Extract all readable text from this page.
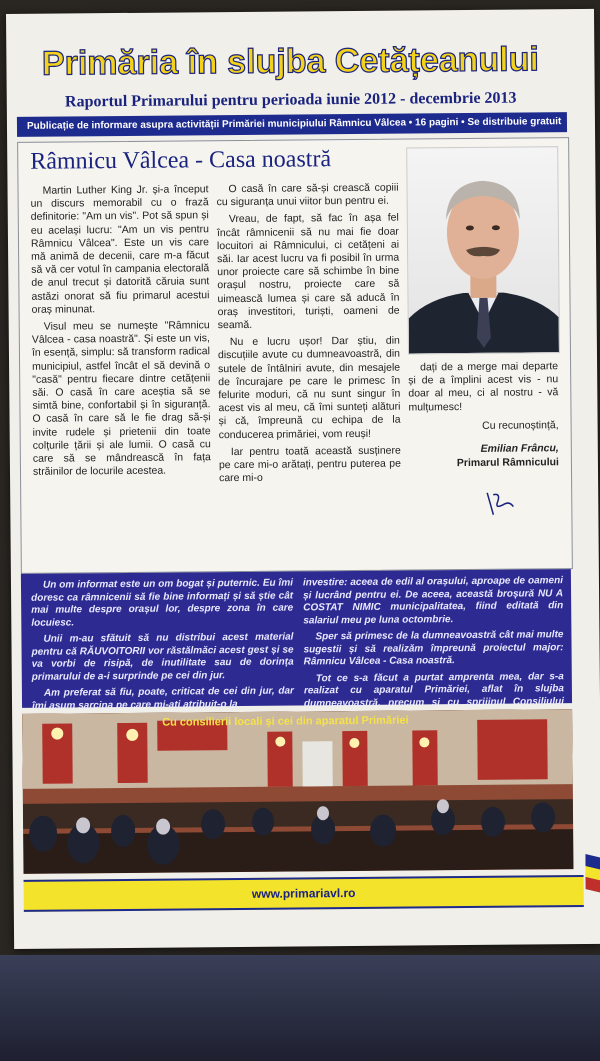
Primăria în slujba Cetățeanului
Raportul Primarului pentru perioada iunie 2012 - decembrie 2013
Publicație de informare asupra activității Primăriei municipiului Râmnicu Vâlcea • 16 pagini • Se distribuie gratuit
Râmnicu Vâlcea - Casa noastră

Martin Luther King Jr. și-a început un discurs memorabil cu o frază definitorie: "Am un vis". Pot să spun și eu același lucru: "Am un vis pentru Râmnicu Vâlcea". Este un vis care mă animă de decenii, care m-a făcut să vă cer votul în campania electorală de anul trecut și datorită căruia sunt astăzi onorat să fiu primarul acestui oraș minunat.

Visul meu se numește "Râmnicu Vâlcea - casa noastră". Și este un vis, în esență, simplu: să transform radical municipiul, astfel încât el să devină o "casă" pentru fiecare dintre cetățenii săi. O casă în care aceștia să se simtă bine, confortabil și în siguranță. O casă în care să le fie drag să-și invite rudele și prietenii din toate colțurile țării și ale lumii. O casă cu care să se mândrească în fața străinilor de locurile acestea.

O casă în care să-și crească copiii cu siguranța unui viitor bun pentru ei.

Vreau, de fapt, să fac în așa fel încât râmnicenii să nu mai fie doar locuitori ai Râmnicului, ci cetățeni ai săi. Iar acest lucru va fi posibil în urma unor proiecte care să schimbe în bine orașul nostru, proiecte care să uimească lumea și care să aducă în oraș investitori, turiști, oameni de seamă.

Nu e lucru ușor! Dar știu, din discuțiile avute cu dumneavoastră, din sutele de întâlniri avute, din mesajele de încurajare pe care le primesc în felurite moduri, că nu sunt singur în acest vis al meu, că îmi sunteți alături și că, împreună cu echipa de la conducerea primăriei, vom reuși!

Iar pentru toată această susținere pe care mi-o arătați, pentru puterea pe care mi-o

dați de a merge mai departe și de a împlini acest vis - nu doar al meu, ci al nostru - vă mulțumesc!

Cu recunoștință,

Emilian Frâncu,

Primarul Râmnicului

Un om informat este un om bogat și puternic. Eu îmi doresc ca râmnicenii să fie bine informați și să știe cât mai multe despre orașul lor, despre zona în care locuiesc.

Unii m-au sfătuit să nu distribui acest material pentru că RĂUVOITORII vor răstălmăci acest gest și se va vorbi de risipă, de inutilitate sau de dorința primarului de a-i surprinde pe cei din jur.

Am preferat să fiu, poate, criticat de cei din jur, dar îmi asum sarcina pe care mi-ați atribuit-o la

investire: aceea de edil al orașului, aproape de oameni și lucrând pentru ei. De aceea, această broșură NU A COSTAT NIMIC municipalitatea, fiind editată din salariul meu pe luna octombrie.

Sper să primesc de la dumneavoastră cât mai multe sugestii și să realizăm împreună proiectul major: Râmnicu Vâlcea - Casa noastră.

Tot ce s-a făcut a purtat amprenta mea, dar s-a realizat cu aparatul Primăriei, aflat în slujba dumneavoastră, precum și cu sprijinul Consiliului

Cu consilierii locali și cei din aparatul Primăriei
www.primariavl.ro
